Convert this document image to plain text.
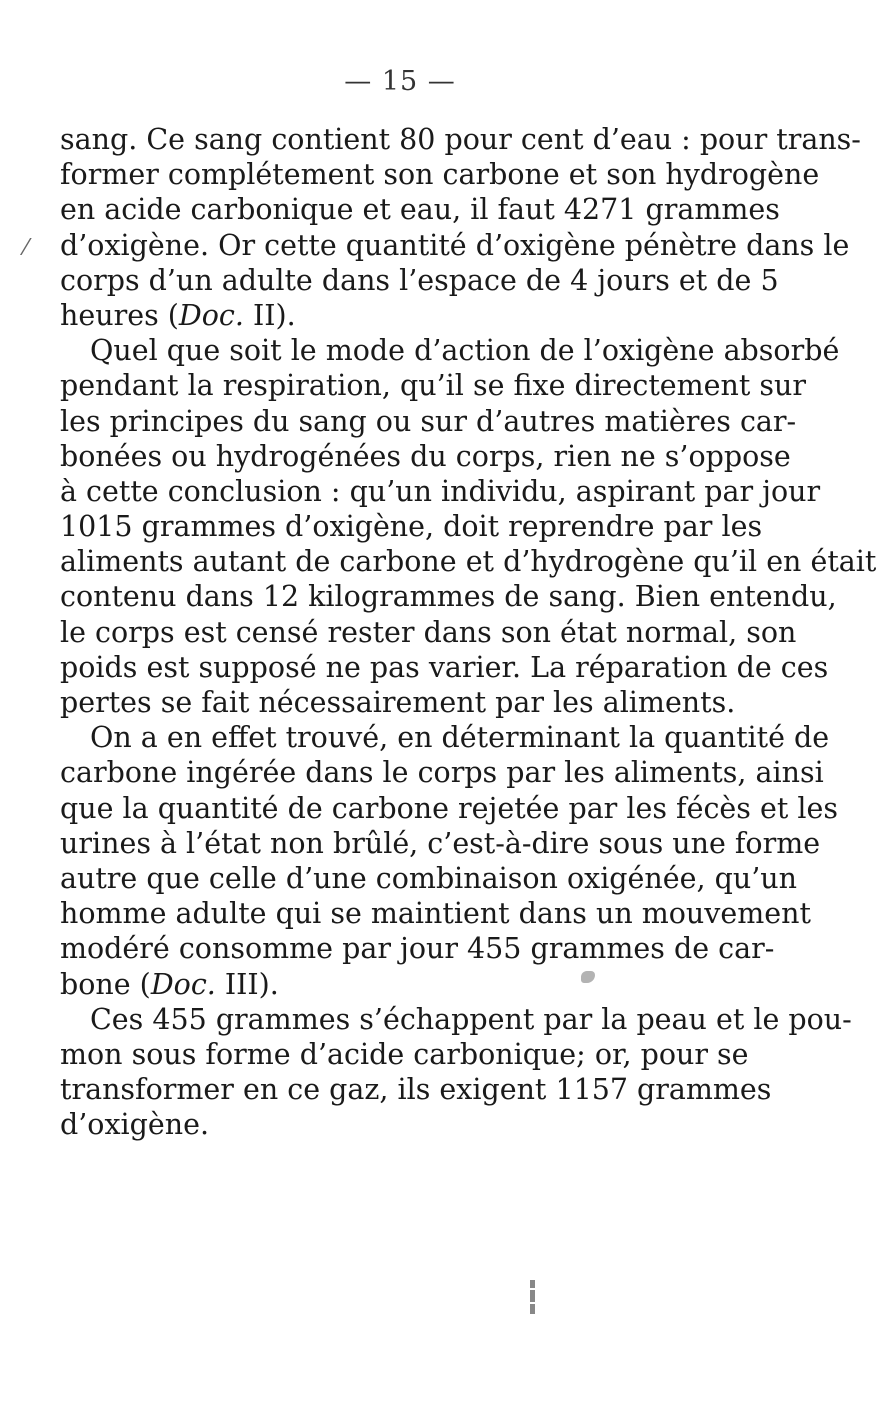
— 15 —
⁄
sang. Ce sang contient 80 pour cent d’eau : pour trans-
former complétement son carbone et son hydrogène
en acide carbonique et eau, il faut 4271 grammes
d’oxigène. Or cette quantité d’oxigène pénètre dans le
corps d’un adulte dans l’espace de 4 jours et de 5
heures (Doc. II).
Quel que soit le mode d’action de l’oxigène absorbé
pendant la respiration, qu’il se fixe directement sur
les principes du sang ou sur d’autres matières car-
bonées ou hydrogénées du corps, rien ne s’oppose
à cette conclusion : qu’un individu, aspirant par jour
1015 grammes d’oxigène, doit reprendre par les
aliments autant de carbone et d’hydrogène qu’il en était
contenu dans 12 kilogrammes de sang. Bien entendu,
le corps est censé rester dans son état normal, son
poids est supposé ne pas varier. La réparation de ces
pertes se fait nécessairement par les aliments.
On a en effet trouvé, en déterminant la quantité de
carbone ingérée dans le corps par les aliments, ainsi
que la quantité de carbone rejetée par les fécès et les
urines à l’état non brûlé, c’est-à-dire sous une forme
autre que celle d’une combinaison oxigénée, qu’un
homme adulte qui se maintient dans un mouvement
modéré consomme par jour 455 grammes de car-
bone (Doc. III).
Ces 455 grammes s’échappent par la peau et le pou-
mon sous forme d’acide carbonique; or, pour se
transformer en ce gaz, ils exigent 1157 grammes
d’oxigène.
